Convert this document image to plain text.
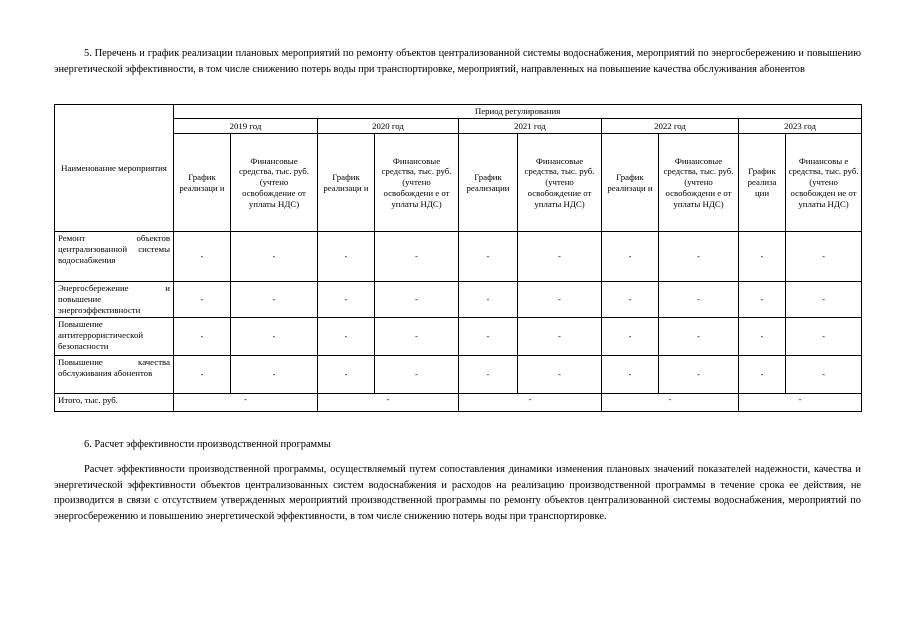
5. Перечень и график реализации плановых мероприятий по ремонту объектов централизованной системы водоснабжения, мероприятий по энергосбережению и повышению энергетической эффективности, в том числе снижению потерь воды при транспортировке, мероприятий, направленных на повышение качества обслуживания абонентов
Наименование мероприятия	Период регулирования									
	2019 год		2020 год		2021 год		2022 год		2023 год	
	График реализаци и	Финансовые средства, тыс. руб. (учтено освобождение от уплаты НДС)	График реализаци и	Финансовые средства, тыс. руб. (учтено освобождени е от уплаты НДС)	График реализации	Финансовые средства, тыс. руб. (учтено освобождение от уплаты НДС)	График реализаци и	Финансовые средства, тыс. руб. (учтено освобождени е от уплаты НДС)	График реализа ции	Финансовы е средства, тыс. руб. (учтено освобожден ие от уплаты НДС)
Ремонт объектов централизованной системы водоснабжения	-	-	-	-	-	-	-	-	-	-
Энергосбережение и повышение энергоэффективности	-	-	-	-	-	-	-	-	-	-
Повышение антитеррористической безопасности	-	-	-	-	-	-	-	-	-	-
Повышение качества обслуживания абонентов	-	-	-	-	-	-	-	-	-	-
Итого, тыс. руб.	-		-		-		-		-	
6. Расчет эффективности производственной программы
Расчет эффективности производственной программы, осуществляемый путем сопоставления динамики изменения плановых значений показателей надежности, качества и энергетической эффективности объектов централизованных систем водоснабжения и расходов на реализацию производственной программы в течение срока ее действия, не производится в связи с отсутствием утвержденных мероприятий производственной программы по ремонту объектов централизованной системы водоснабжения, мероприятий по энергосбережению и повышению энергетической эффективности, в том числе снижению потерь воды при транспортировке.
